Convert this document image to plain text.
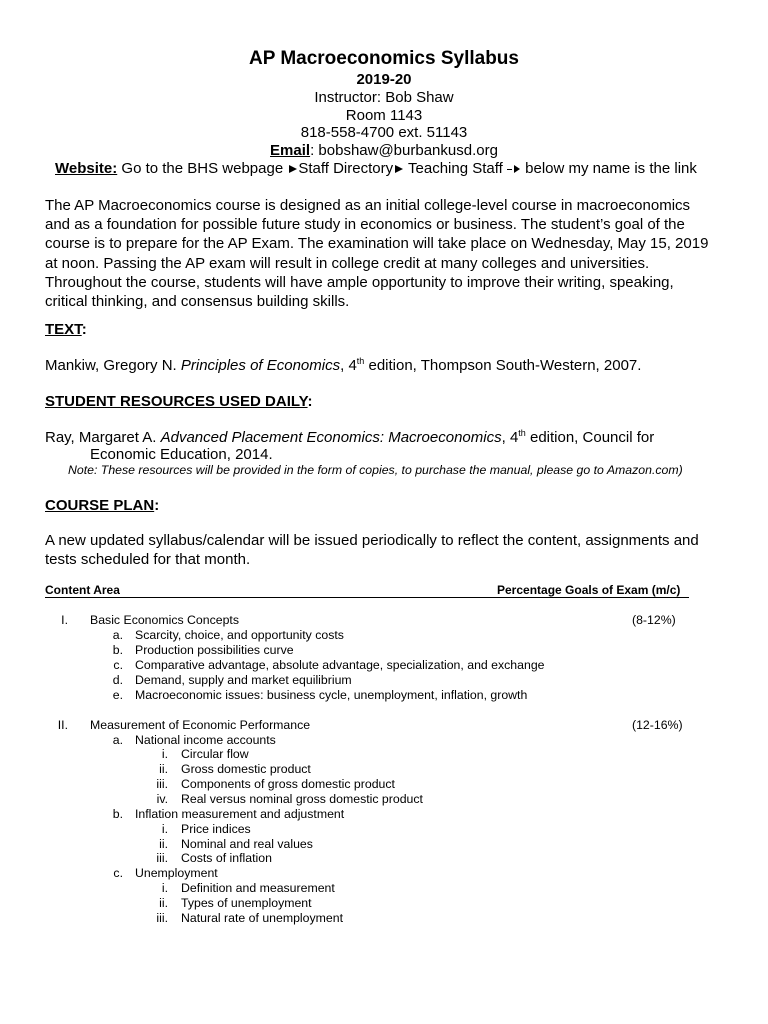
AP Macroeconomics Syllabus
2019-20
Instructor: Bob Shaw
Room 1143
818-558-4700 ext. 51143
Email: bobshaw@burbankusd.org
Website: Go to the BHS webpage
Staff Directory
Teaching Staff
below my name is the link

The AP Macroeconomics course is designed as an initial college-level course in macroeconomics

and as a foundation for possible future study in economics or business. The student’s goal of the

course is to prepare for the AP Exam. The examination will take place on Wednesday, May 15, 2019

at noon. Passing the AP exam will result in college credit at many colleges and universities.

Throughout the course, students will have ample opportunity to improve their writing, speaking,

critical thinking, and consensus building skills.

TEXT:
Mankiw, Gregory N. Principles of Economics, 4th edition, Thompson South-Western, 2007.
STUDENT RESOURCES USED DAILY:
Ray, Margaret A. Advanced Placement Economics: Macroeconomics, 4th edition, Council for
Economic Education, 2014.
Note: These resources will be provided in the form of copies, to purchase the manual, please go to Amazon.com)
COURSE PLAN:
A new updated syllabus/calendar will be issued periodically to reflect the content, assignments and
tests scheduled for that month.
Content Area	Percentage Goals of Exam (m/c)
I. Basic Economics Concepts	(8-12%)
a. Scarcity, choice, and opportunity costs
b. Production possibilities curve
c. Comparative advantage, absolute advantage, specialization, and exchange
d. Demand, supply and market equilibrium
e. Macroeconomic issues: business cycle, unemployment, inflation, growth
II. Measurement of Economic Performance	(12-16%)
a. National income accounts
i. Circular flow
ii. Gross domestic product
iii. Components of gross domestic product
iv. Real versus nominal gross domestic product
b. Inflation measurement and adjustment
i. Price indices
ii. Nominal and real values
iii. Costs of inflation
c. Unemployment
i. Definition and measurement
ii. Types of unemployment
iii. Natural rate of unemployment
